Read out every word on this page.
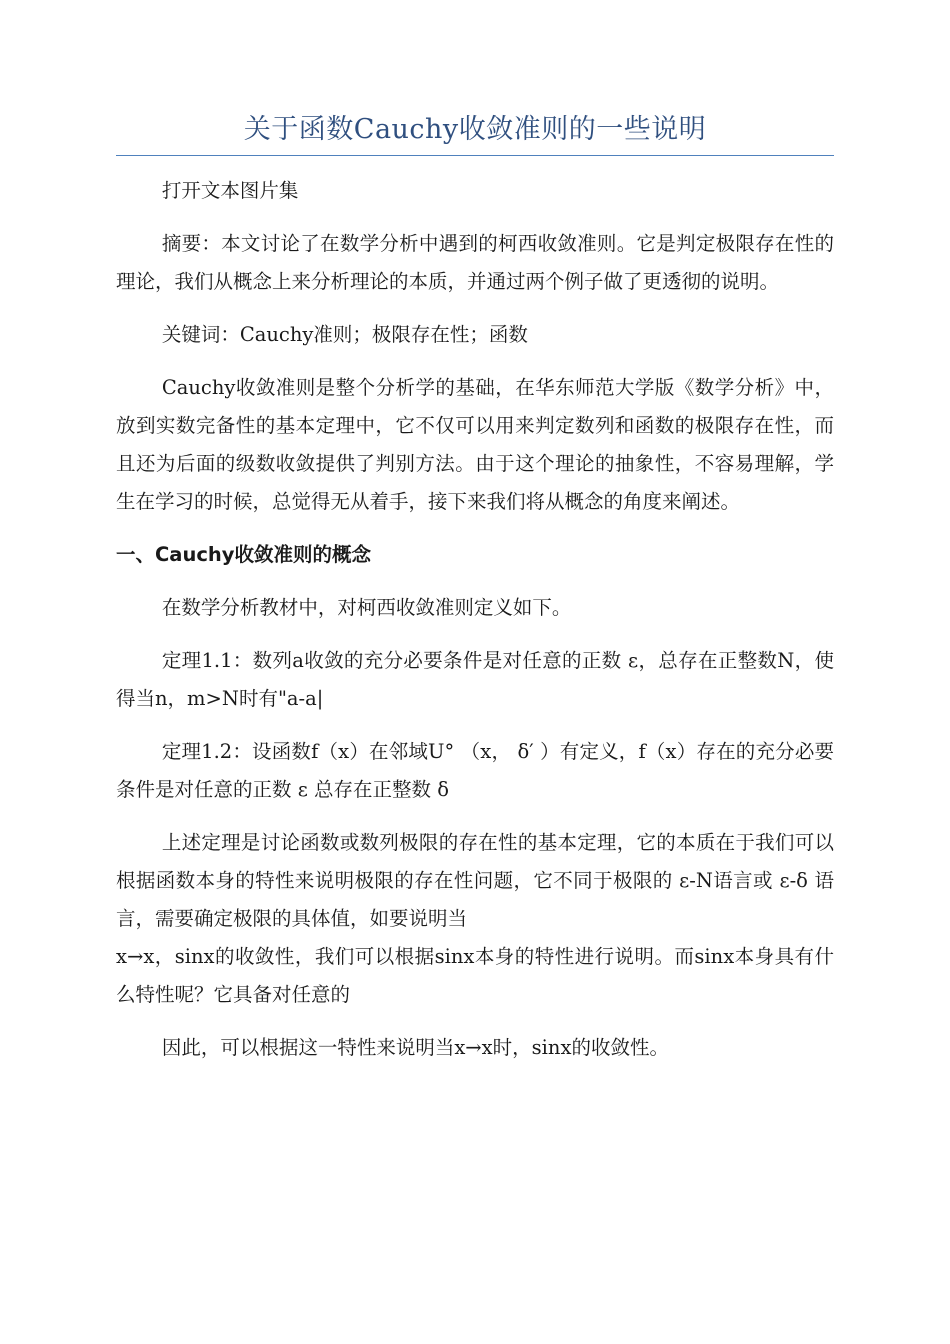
关于函数Cauchy收敛准则的一些说明

打开文本图片集

摘要：本文讨论了在数学分析中遇到的柯西收敛准则。它是判定极限存在性的理论，我们从概念上来分析理论的本质，并通过两个例子做了更透彻的说明。

关键词：Cauchy准则；极限存在性；函数

Cauchy收敛准则是整个分析学的基础，在华东师范大学版《数学分析》中，放到实数完备性的基本定理中，它不仅可以用来判定数列和函数的极限存在性，而且还为后面的级数收敛提供了判别方法。由于这个理论的抽象性，不容易理解，学生在学习的时候，总觉得无从着手，接下来我们将从概念的角度来阐述。

一、Cauchy收敛准则的概念

在数学分析教材中，对柯西收敛准则定义如下。

定理1.1：数列a收敛的充分必要条件是对任意的正数 ε，总存在正整数N，使得当n，m>N时有"a-a|

定理1.2：设函数f（x）在邻域U° （x， δ′ ）有定义，f（x）存在的充分必要条件是对任意的正数 ε 总存在正整数 δ

上述定理是讨论函数或数列极限的存在性的基本定理，它的本质在于我们可以根据函数本身的特性来说明极限的存在性问题，它不同于极限的 ε-N语言或 ε-δ 语言，需要确定极限的具体值，如要说明当

x→x，sinx的收敛性，我们可以根据sinx本身的特性进行说明。而sinx本身具有什么特性呢？它具备对任意的

因此，可以根据这一特性来说明当x→x时，sinx的收敛性。
